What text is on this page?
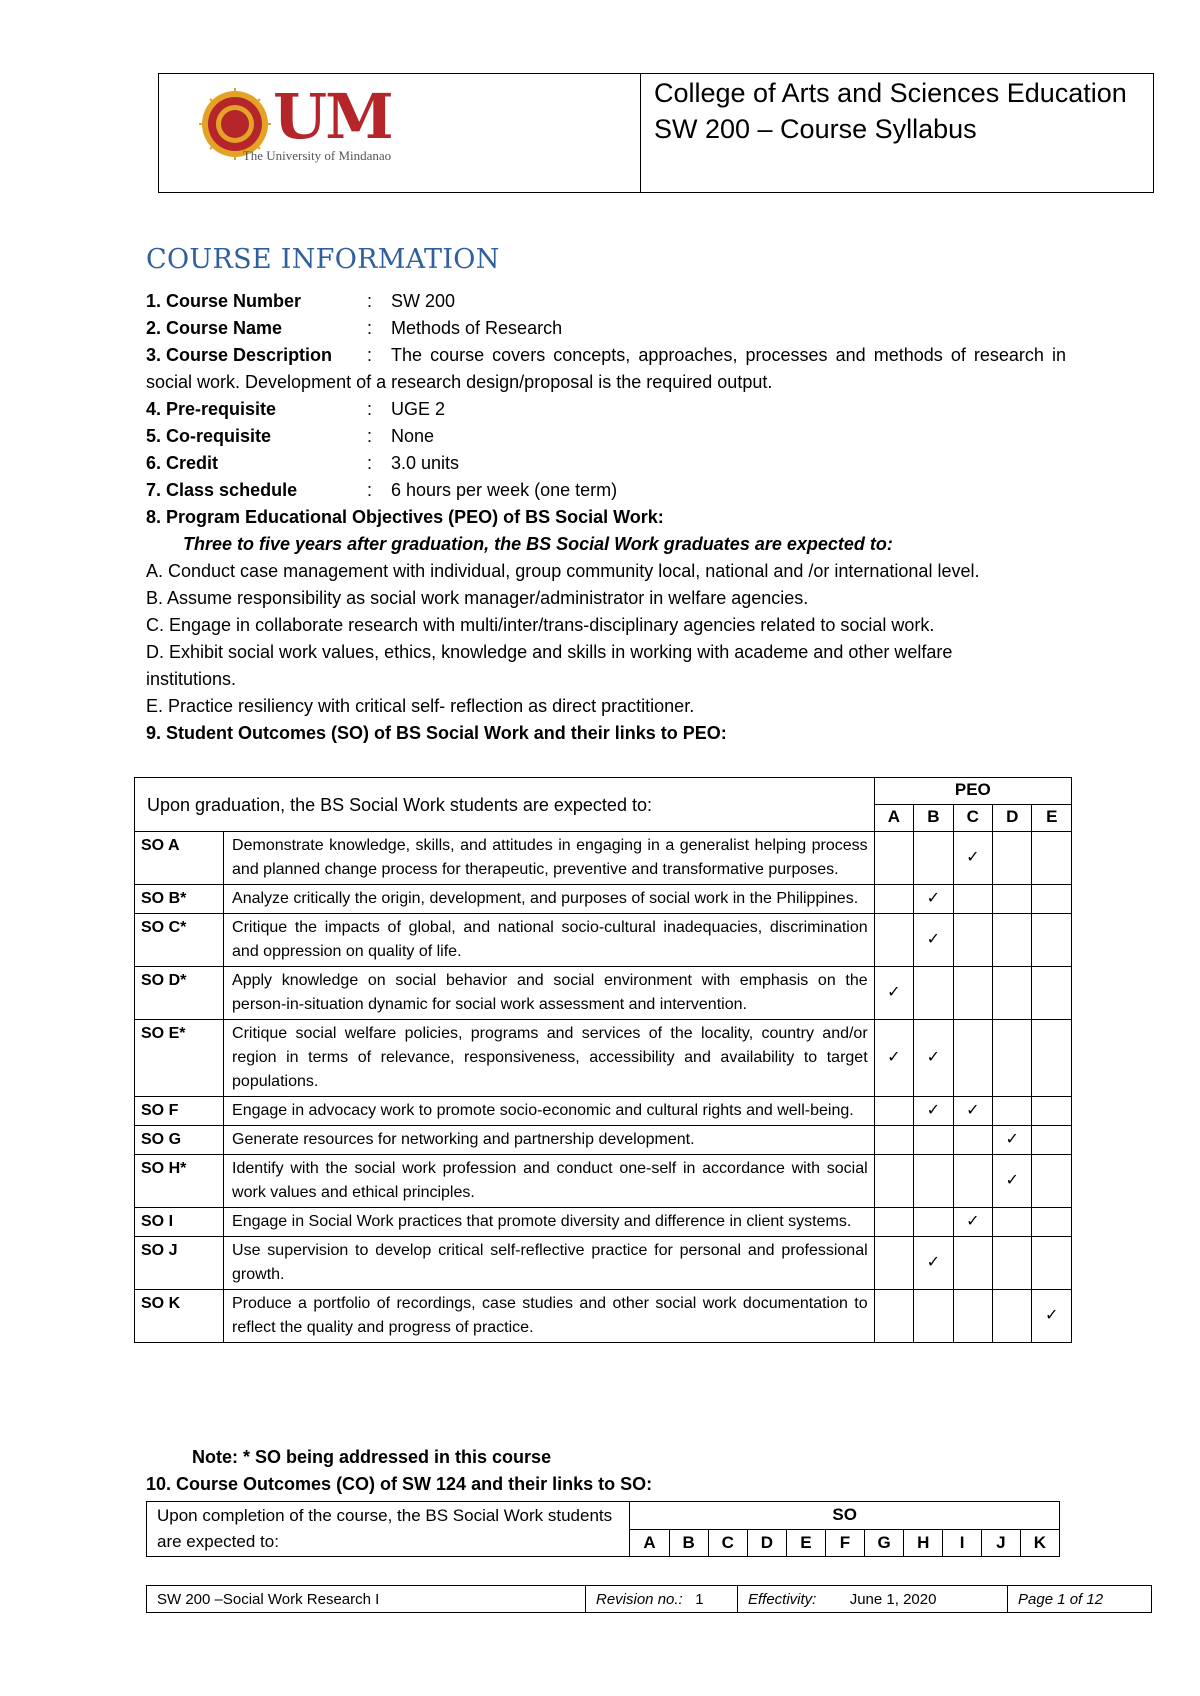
UM
The University of Mindanao
College of Arts and Sciences Education
SW 200 – Course Syllabus
COURSE INFORMATION
1. Course Number	: SW 200
2. Course Name	: Methods of Research
3. Course Description : The course covers concepts, approaches, processes and methods of research in social work. Development of a research design/proposal is the required output.
4. Pre-requisite	: UGE 2
5. Co-requisite	: None
6. Credit	: 3.0 units
7. Class schedule	: 6 hours per week (one term)
8. Program Educational Objectives (PEO) of BS Social Work:
Three to five years after graduation, the BS Social Work graduates are expected to:
A. Conduct case management with individual, group community local, national and /or international level.
B. Assume responsibility as social work manager/administrator in welfare agencies.
C. Engage in collaborate research with multi/inter/trans-disciplinary agencies related to social work.
D. Exhibit social work values, ethics, knowledge and skills in working with academe and other welfare institutions.
E. Practice resiliency with critical self- reflection as direct practitioner.
9. Student Outcomes (SO) of BS Social Work and their links to PEO:
Upon graduation, the BS Social Work students are expected to:		PEO				
		A	B	C	D	E
SO A	Demonstrate knowledge, skills, and attitudes in engaging in a generalist helping process and planned change process for therapeutic, preventive and transformative purposes.			✓		
SO B*	Analyze critically the origin, development, and purposes of social work in the Philippines.		✓			
SO C*	Critique the impacts of global, and national socio-cultural inadequacies, discrimination and oppression on quality of life.		✓			
SO D*	Apply knowledge on social behavior and social environment with emphasis on the person-in-situation dynamic for social work assessment and intervention.	✓				
SO E*	Critique social welfare policies, programs and services of the locality, country and/or region in terms of relevance, responsiveness, accessibility and availability to target populations.	✓	✓			
SO F	Engage in advocacy work to promote socio-economic and cultural rights and well-being.		✓	✓		
SO G	Generate resources for networking and partnership development.				✓	
SO H*	Identify with the social work profession and conduct one-self in accordance with social work values and ethical principles.				✓	
SO I	Engage in Social Work practices that promote diversity and difference in client systems.			✓		
SO J	Use supervision to develop critical self-reflective practice for personal and professional growth.		✓			
SO K	Produce a portfolio of recordings, case studies and other social work documentation to reflect the quality and progress of practice.					✓
Note: * SO being addressed in this course
10. Course Outcomes (CO) of SW 124 and their links to SO:
Upon completion of the course, the BS Social Work students are expected to:	SO										
	A	B	C	D	E	F	G	H	I	J	K
SW 200 –Social Work Research I	Revision no.: 1	Effectivity: June 1, 2020	Page 1 of 12
